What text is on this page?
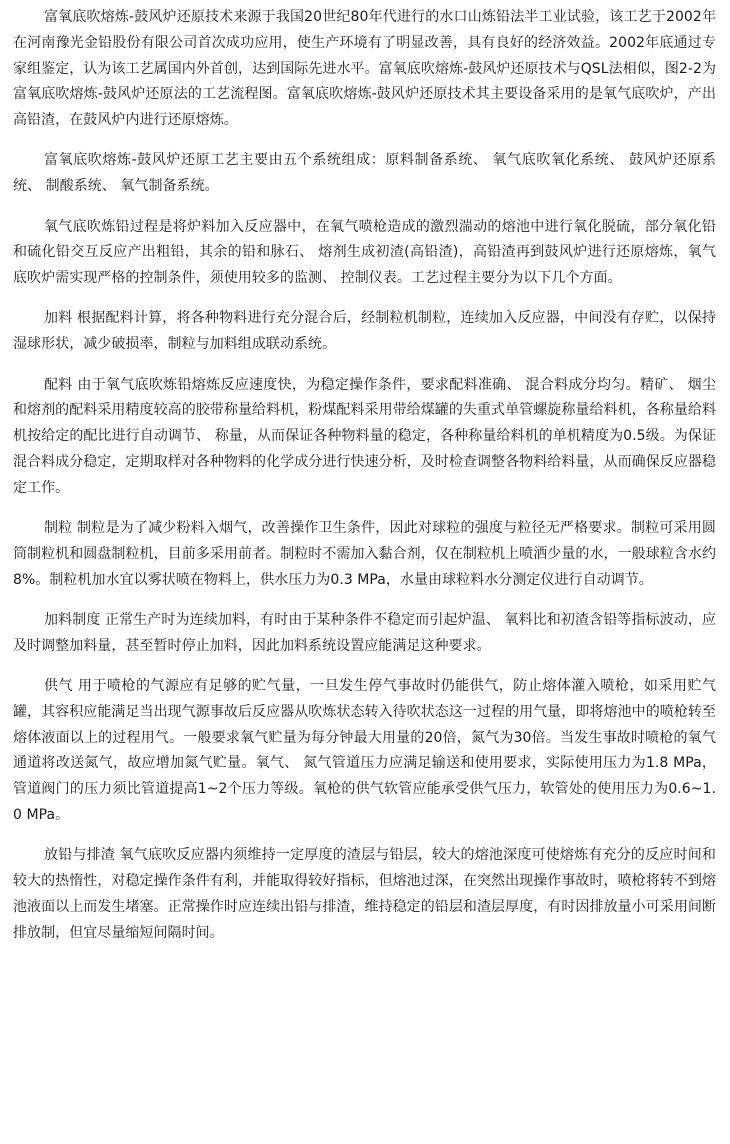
富氧底吹熔炼-鼓风炉还原技术来源于我国20世纪80年代进行的水口山炼铅法半工业试验，该工艺于2002年在河南豫光金铅股份有限公司首次成功应用，使生产环境有了明显改善，具有良好的经济效益。2002年底通过专家组鉴定，认为该工艺属国内外首创，达到国际先进水平。富氧底吹熔炼-鼓风炉还原技术与QSL法相似，图2-2为富氧底吹熔炼-鼓风炉还原法的工艺流程图。富氧底吹熔炼-鼓风炉还原技术其主要设备采用的是氧气底吹炉，产出高铅渣，在鼓风炉内进行还原熔炼。

富氧底吹熔炼-鼓风炉还原工艺主要由五个系统组成：原料制备系统、 氧气底吹氧化系统、 鼓风炉还原系统、 制酸系统、 氧气制备系统。

氧气底吹炼铅过程是将炉料加入反应器中，在氧气喷枪造成的激烈湍动的熔池中进行氧化脱硫，部分氧化铅和硫化铅交互反应产出粗铅，其余的铅和脉石、 熔剂生成初渣(高铅渣)，高铅渣再到鼓风炉进行还原熔炼，氧气底吹炉需实现严格的控制条件，须使用较多的监测、 控制仪表。工艺过程主要分为以下几个方面。

加料 根据配料计算，将各种物料进行充分混合后，经制粒机制粒，连续加入反应器，中间没有存贮，以保持湿球形状，减少破损率，制粒与加料组成联动系统。

配料 由于氧气底吹炼铅熔炼反应速度快，为稳定操作条件，要求配料准确、 混合料成分均匀。精矿、 烟尘和熔剂的配料采用精度较高的胶带称量给料机，粉煤配料采用带给煤罐的失重式单管螺旋称量给料机，各称量给料机按给定的配比进行自动调节、 称量，从而保证各种物料量的稳定，各种称量给料机的单机精度为0.5级。为保证混合料成分稳定，定期取样对各种物料的化学成分进行快速分析，及时检查调整各物料给料量，从而确保反应器稳定工作。

制粒 制粒是为了减少粉料入烟气，改善操作卫生条件，因此对球粒的强度与粒径无严格要求。制粒可采用圆筒制粒机和圆盘制粒机，目前多采用前者。制粒时不需加入黏合剂，仅在制粒机上喷洒少量的水，一般球粒含水约8%。制粒机加水宜以雾状喷在物料上，供水压力为0.3 MPa，水量由球粒料水分测定仪进行自动调节。

加料制度 正常生产时为连续加料，有时由于某种条件不稳定而引起炉温、 氧料比和初渣含铅等指标波动，应及时调整加料量，甚至暂时停止加料，因此加料系统设置应能满足这种要求。

供气 用于喷枪的气源应有足够的贮气量，一旦发生停气事故时仍能供气，防止熔体灌入喷枪，如采用贮气罐，其容积应能满足当出现气源事故后反应器从吹炼状态转入待吹状态这一过程的用气量，即将熔池中的喷枪转至熔体液面以上的过程用气。一般要求氧气贮量为每分钟最大用量的20倍，氮气为30倍。当发生事故时喷枪的氧气通道将改送氮气，故应增加氮气贮量。氧气、 氮气管道压力应满足输送和使用要求，实际使用压力为1.8 MPa，管道阀门的压力须比管道提高1~2个压力等级。氧枪的供气软管应能承受供气压力，软管处的使用压力为0.6~1.0 MPa。

放铅与排渣 氧气底吹反应器内须维持一定厚度的渣层与铅层，较大的熔池深度可使熔炼有充分的反应时间和较大的热惰性，对稳定操作条件有利，并能取得较好指标，但熔池过深，在突然出现操作事故时，喷枪将转不到熔池液面以上而发生堵塞。正常操作时应连续出铅与排渣，维持稳定的铅层和渣层厚度，有时因排放量小可采用间断排放制，但宜尽量缩短间隔时间。
